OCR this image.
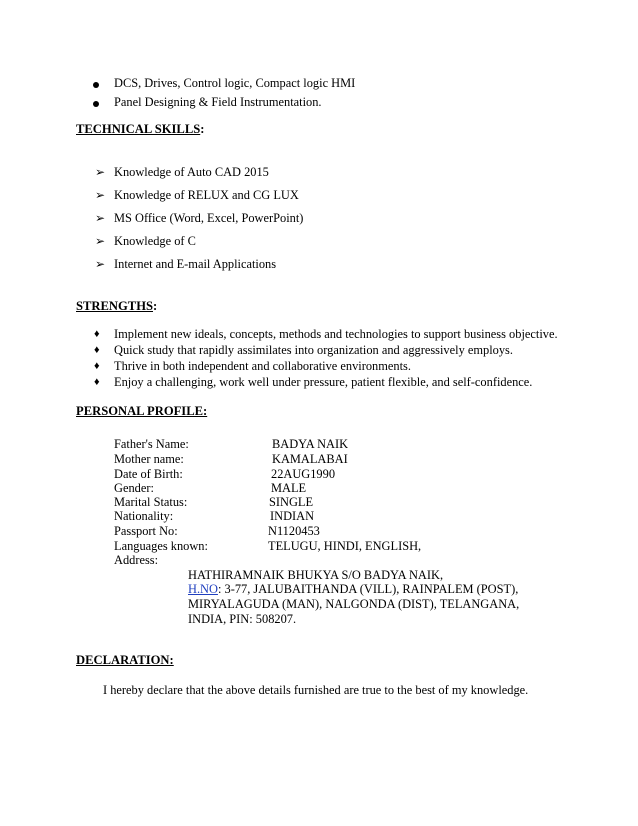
DCS, Drives, Control logic, Compact logic HMI
Panel Designing & Field Instrumentation.
TECHNICAL SKILLS:
➢ Knowledge of Auto CAD 2015
➢ Knowledge of RELUX and CG LUX
➢ MS Office (Word, Excel, PowerPoint)
➢ Knowledge of C
➢ Internet and E-mail Applications
STRENGTHS:
♦ Implement new ideals, concepts, methods and technologies to support business objective.
♦ Quick study that rapidly assimilates into organization and aggressively employs.
♦ Thrive in both independent and collaborative environments.
♦ Enjoy a challenging, work well under pressure, patient flexible, and self-confidence.
PERSONAL PROFILE:
Father's Name:	BADYA NAIK
Mother name:	KAMALABAI
Date of Birth:	22AUG1990
Gender:	MALE
Marital Status:	SINGLE
Nationality:	INDIAN
Passport No:	N1120453
Languages known:	TELUGU, HINDI, ENGLISH,
Address:
HATHIRAMNAIK BHUKYA S/O BADYA NAIK,
H.NO: 3-77, JALUBAITHANDA (VILL), RAINPALEM (POST),
MIRYALAGUDA (MAN), NALGONDA (DIST), TELANGANA,
INDIA, PIN: 508207.
DECLARATION:
I hereby declare that the above details furnished are true to the best of my knowledge.
